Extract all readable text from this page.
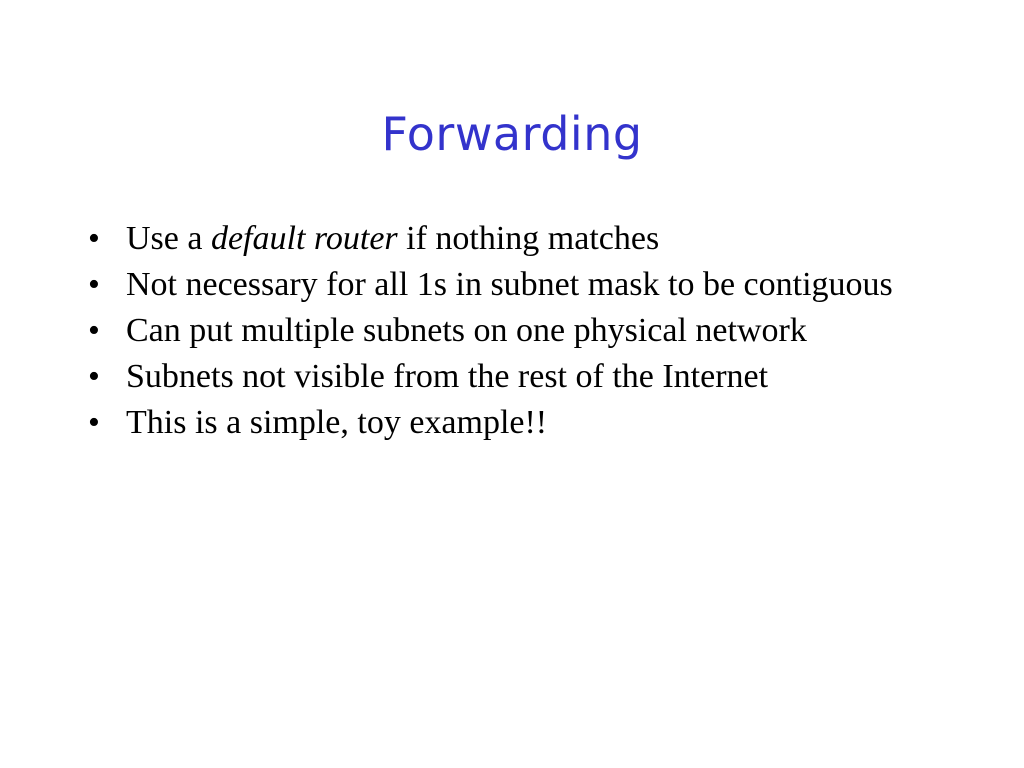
Forwarding
• Use a default router if nothing matches
• Not necessary for all 1s in subnet mask to be contiguous
• Can put multiple subnets on one physical network
• Subnets not visible from the rest of the Internet
• This is a simple, toy example!!
